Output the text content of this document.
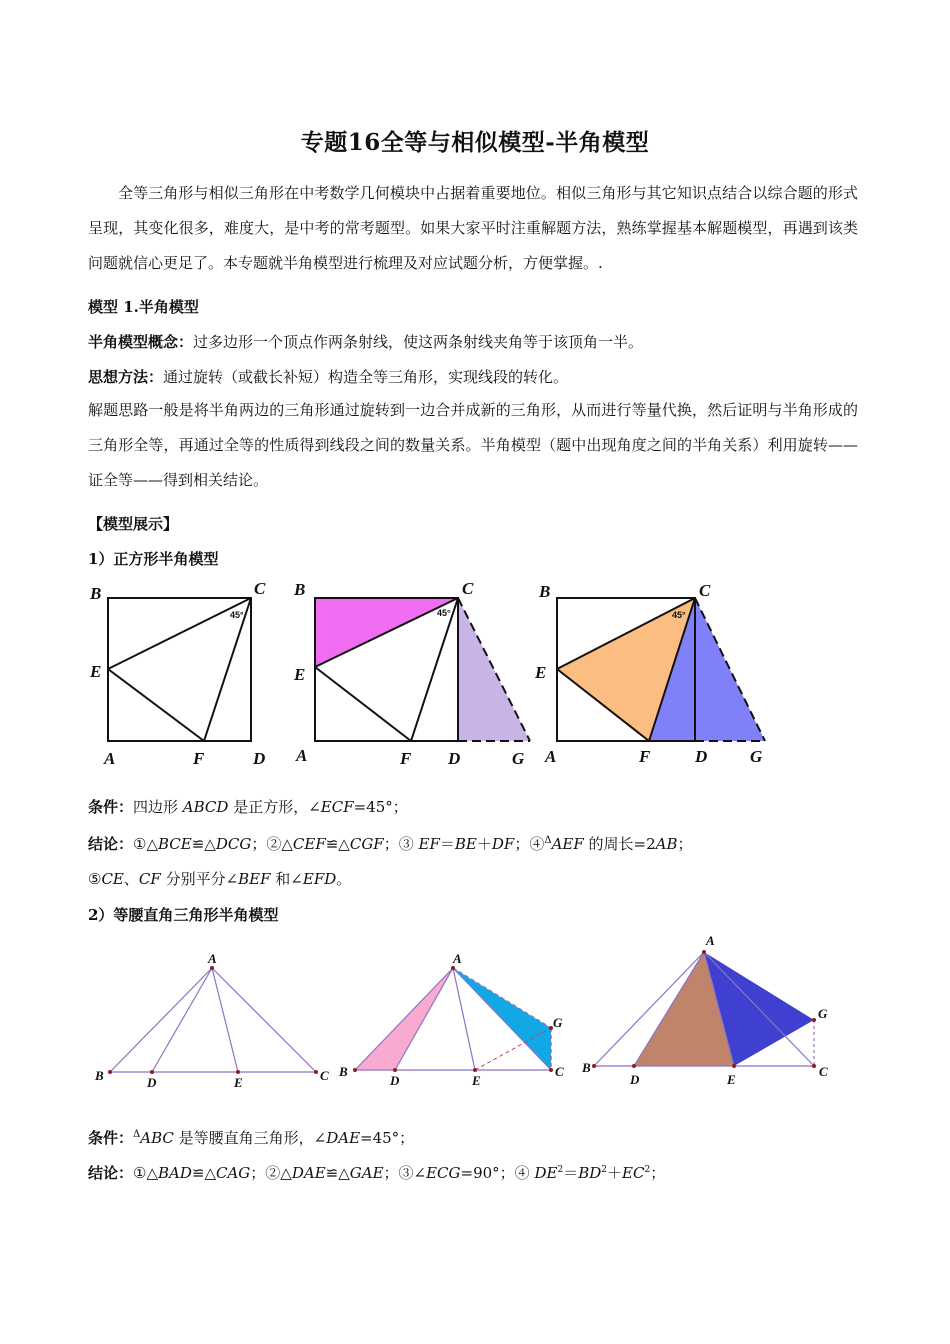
专题16全等与相似模型-半角模型
全等三角形与相似三角形在中考数学几何模块中占据着重要地位。相似三角形与其它知识点结合以综合题的形式呈现，其变化很多，难度大，是中考的常考题型。如果大家平时注重解题方法，熟练掌握基本解题模型，再遇到该类问题就信心更足了。本专题就半角模型进行梳理及对应试题分析，方便掌握。.
模型 1.半角模型
半角模型概念：过多边形一个顶点作两条射线，使这两条射线夹角等于该顶角一半。
思想方法：通过旋转（或截长补短）构造全等三角形，实现线段的转化。
解题思路一般是将半角两边的三角形通过旋转到一边合并成新的三角形，从而进行等量代换，然后证明与半角形成的三角形全等，再通过全等的性质得到线段之间的数量关系。半角模型（题中出现角度之间的半角关系）利用旋转——证全等——得到相关结论。
【模型展示】
1）正方形半角模型
B	C
E
A	F	D
45°
B	C
E
A	F D	G
45°
B	C
E
A	F	D	G
45°
条件：四边形 ABCD 是正方形，∠ECF=45°；
结论：①△BCE≌△DCG；②△CEF≌△CGF；③ EF＝BE＋DF；④$^\Delta$AEF 的周长=2AB；
⑤CE、CF 分别平分∠BEF 和∠EFD。
2）等腰直角三角形半角模型
A
B	D	E	C
A
B
D	E
C
G
A
B
D	E
C
G
条件：$^\Delta$ABC 是等腰直角三角形，∠DAE=45°；
结论：①△BAD≌△CAG；②△DAE≌△GAE；③∠ECG=90°；④ $DE^2=BD^2+EC^2$；
